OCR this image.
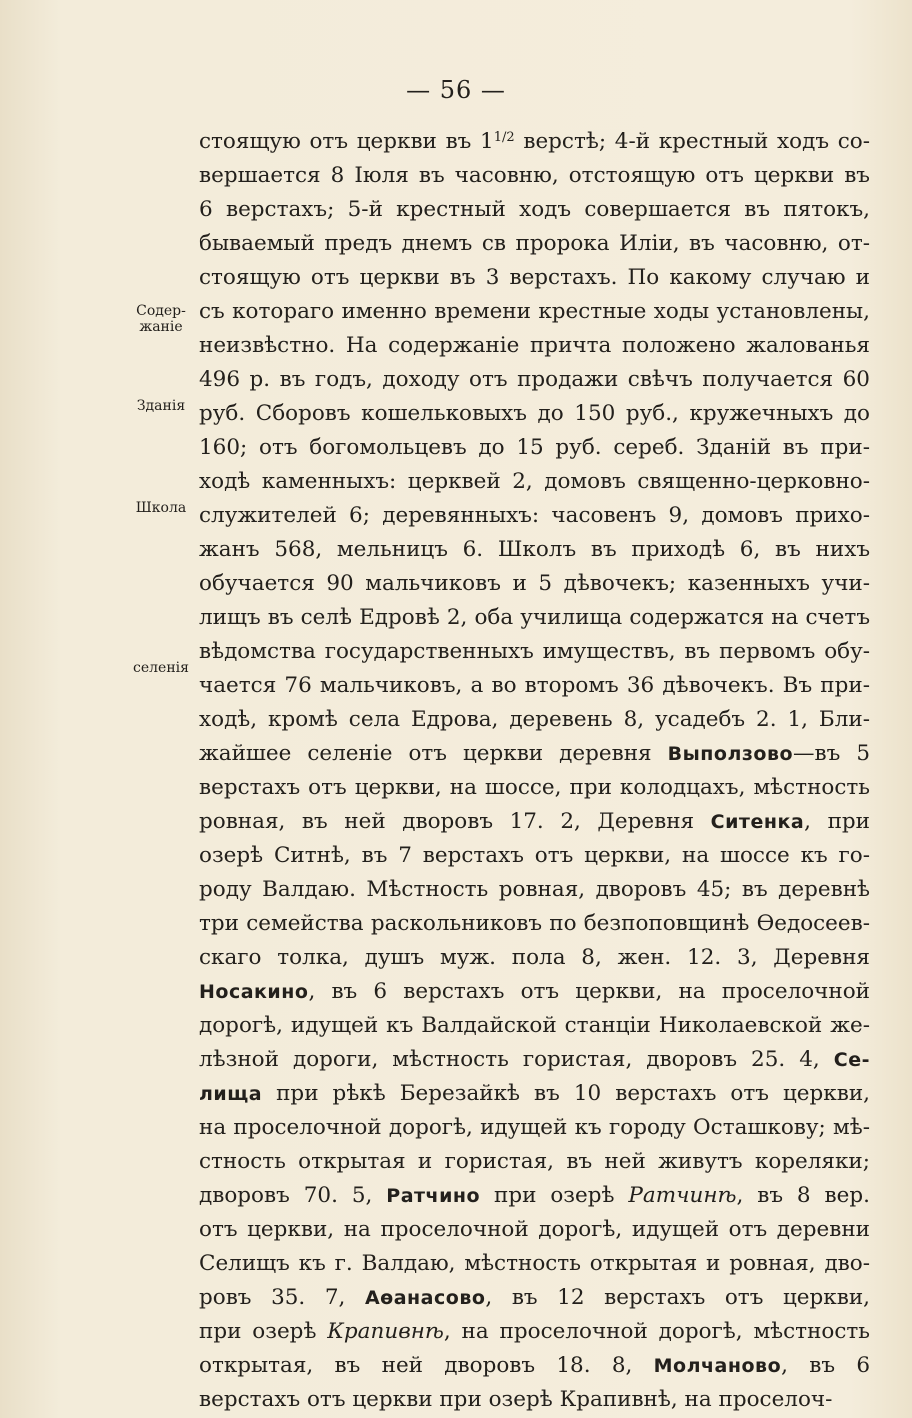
— 56 —
Содер-жаніе
Зданія
Школа
селенія
стоящую отъ церкви въ $1^{1/2}$ верстѣ; 4-й крестный ходъ со-
вершается 8 Іюля въ часовню, отстоящую отъ церкви въ
6 верстахъ; 5-й крестный ходъ совершается въ пятокъ,
бываемый предъ днемъ св пророка Иліи, въ часовню, от-
стоящую отъ церкви въ 3 верстахъ. По какому случаю и
съ котораго именно времени крестные ходы установлены,
неизвѣстно. На содержаніе причта положено жалованья
496 р. въ годъ, доходу отъ продажи свѣчъ получается 60
руб. Сборовъ кошельковыхъ до 150 руб., кружечныхъ до
160; отъ богомольцевъ до 15 руб. сереб. Зданій въ при-
ходѣ каменныхъ: церквей 2, домовъ священно-церковно-
служителей 6; деревянныхъ: часовенъ 9, домовъ прихо-
жанъ 568, мельницъ 6. Школъ въ приходѣ 6, въ нихъ
обучается 90 мальчиковъ и 5 дѣвочекъ; казенныхъ учи-
лищъ въ селѣ Едровѣ 2, оба училища содержатся на счетъ
вѣдомства государственныхъ имуществъ, въ первомъ обу-
чается 76 мальчиковъ, а во второмъ 36 дѣвочекъ. Въ при-
ходѣ, кромѣ села Едрова, деревень 8, усадебъ 2. 1, Бли-
жайшее селеніе отъ церкви деревня Выползово—въ 5
верстахъ отъ церкви, на шоссе, при колодцахъ, мѣстность
ровная, въ ней дворовъ 17. 2, Деревня Ситенка, при
озерѣ Ситнѣ, въ 7 верстахъ отъ церкви, на шоссе къ го-
роду Валдаю. Мѣстность ровная, дворовъ 45; въ деревнѣ
три семейства раскольниковъ по безпоповщинѣ Ѳедосеев-
скаго толка, душъ муж. пола 8, жен. 12. 3, Деревня
Носакино, въ 6 верстахъ отъ церкви, на проселочной
дорогѣ, идущей къ Валдайской станціи Николаевской же-
лѣзной дороги, мѣстность гористая, дворовъ 25. 4, Се-
лища при рѣкѣ Березайкѣ въ 10 верстахъ отъ церкви,
на проселочной дорогѣ, идущей къ городу Осташкову; мѣ-
стность открытая и гористая, въ ней живутъ кореляки;
дворовъ 70. 5, Ратчино при озерѣ Ратчинѣ, въ 8 вер.
отъ церкви, на проселочной дорогѣ, идущей отъ деревни
Селищъ къ г. Валдаю, мѣстность открытая и ровная, дво-
ровъ 35. 7, Аѳанасово, въ 12 верстахъ отъ церкви,
при озерѣ Крапивнѣ, на проселочной дорогѣ, мѣстность
открытая, въ ней дворовъ 18. 8, Молчаново, въ 6
верстахъ отъ церкви при озерѣ Крапивнѣ, на проселоч-
